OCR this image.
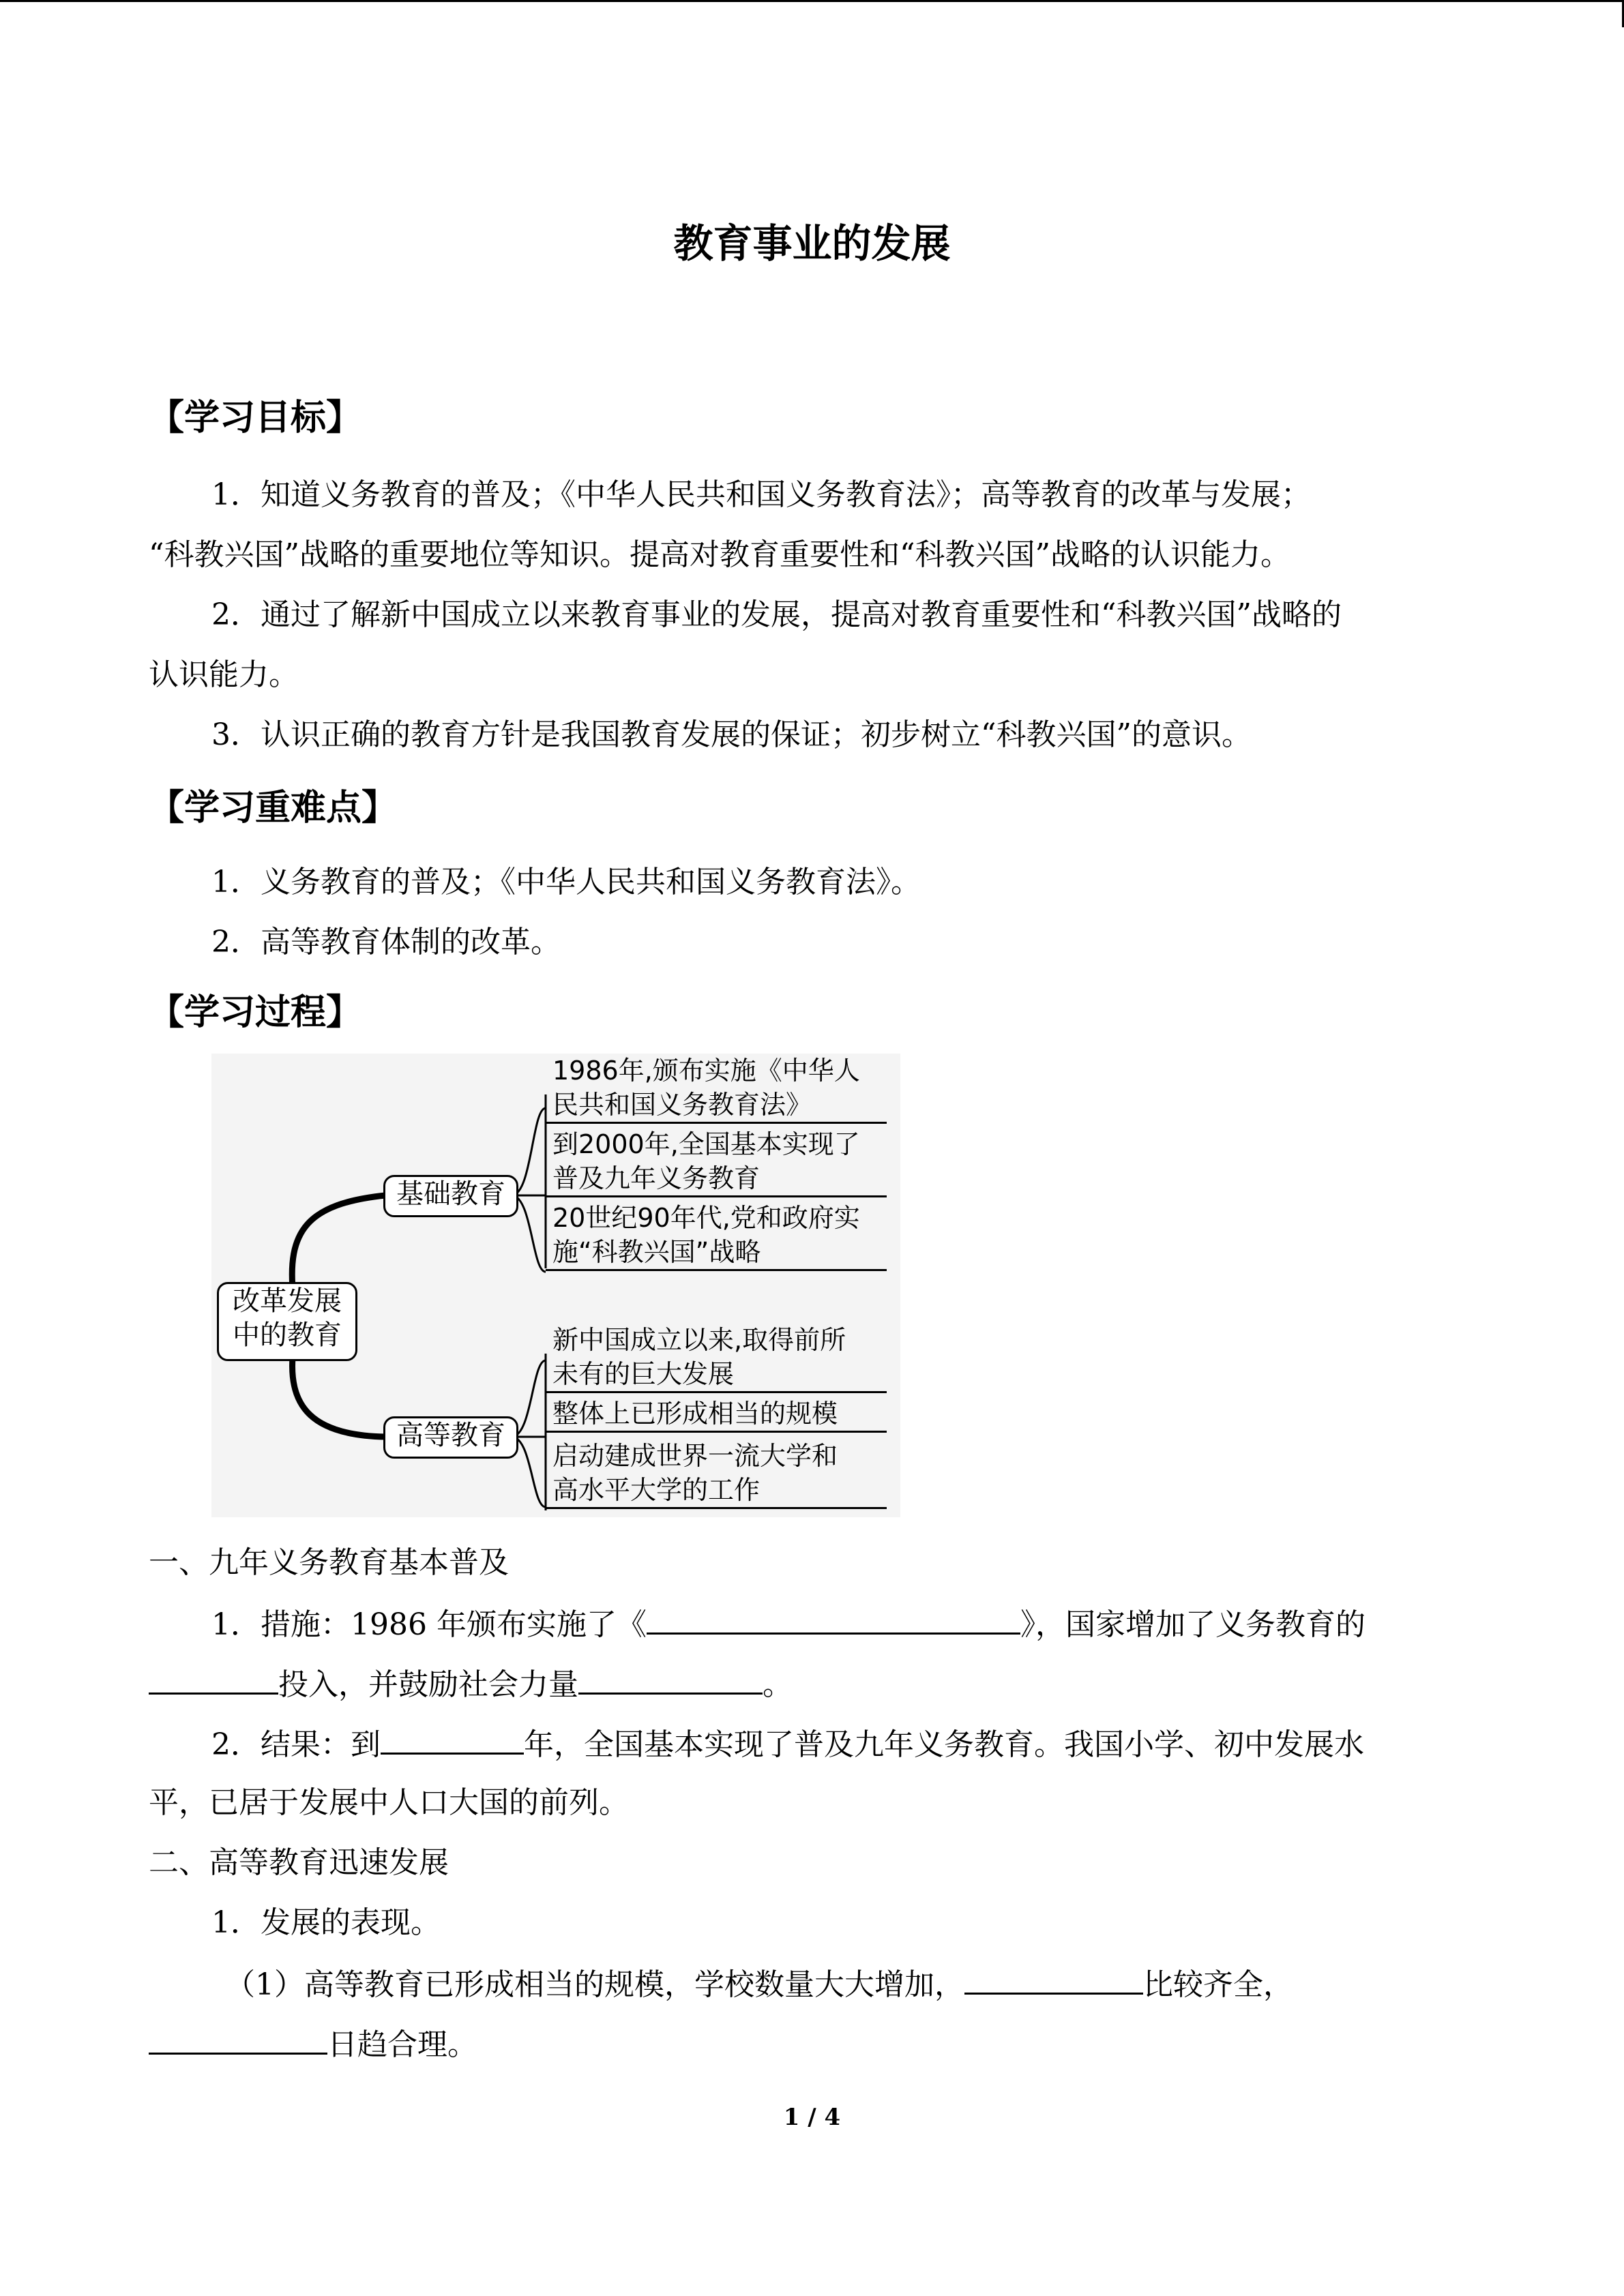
教育事业的发展
【学习目标】
1．知道义务教育的普及；《中华人民共和国义务教育法》；高等教育的改革与发展；
“科教兴国”战略的重要地位等知识。提高对教育重要性和“科教兴国”战略的认识能力。
2．通过了解新中国成立以来教育事业的发展，提高对教育重要性和“科教兴国”战略的
认识能力。
3．认识正确的教育方针是我国教育发展的保证；初步树立“科教兴国”的意识。
【学习重难点】
1．义务教育的普及；《中华人民共和国义务教育法》。
2．高等教育体制的改革。
【学习过程】
改革发展
中的教育
基础教育
高等教育
1986年,颁布实施《中华人
民共和国义务教育法》
到2000年,全国基本实现了
普及九年义务教育
20世纪90年代,党和政府实
施“科教兴国”战略
新中国成立以来,取得前所
未有的巨大发展
整体上已形成相当的规模
启动建成世界一流大学和
高水平大学的工作
一、九年义务教育基本普及
1．措施：1986 年颁布实施了《	》，国家增加了义务教育的
投入，并鼓励社会力量	。
2．结果：到	年，全国基本实现了普及九年义务教育。我国小学、初中发展水
平，已居于发展中人口大国的前列。
二、高等教育迅速发展
1．发展的表现。
（1）高等教育已形成相当的规模，学校数量大大增加，	比较齐全，
日趋合理。
1 / 4
